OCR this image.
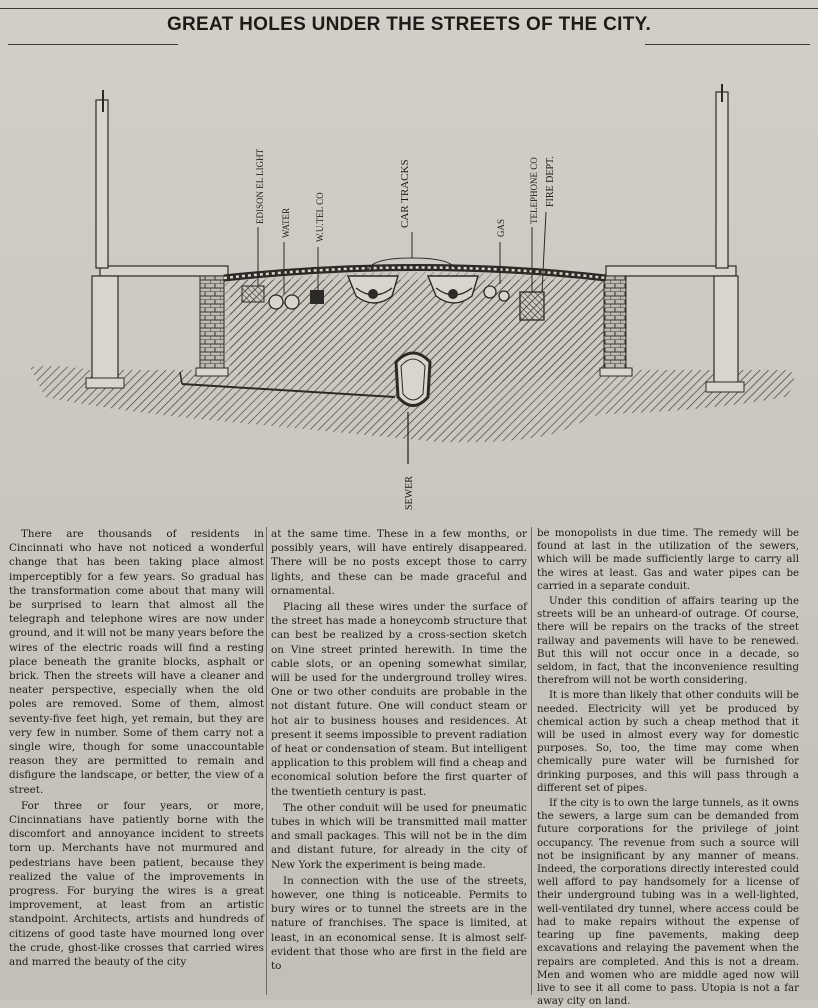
GREAT HOLES UNDER THE STREETS OF THE CITY.
EDISON EL LIGHT WATER	W.U.TEL CO	CAR TRACKS	GAS
TELEPHONE CO FIRE DEPT.
SEWER

There are thousands of residents in Cincinnati who have not noticed a wonderful change that has been taking place almost imperceptibly for a few years. So gradual has the transformation come about that many will be surprised to learn that almost all the telegraph and telephone wires are now under ground, and it will not be many years before the wires of the electric roads will find a resting place beneath the granite blocks, asphalt or brick. Then the streets will have a cleaner and neater perspective, especially when the old poles are removed. Some of them, almost seventy-five feet high, yet remain, but they are very few in number. Some of them carry not a single wire, though for some unaccountable reason they are permitted to remain and disfigure the landscape, or better, the view of a street.

For three or four years, or more, Cincinnatians have patiently borne with the discomfort and annoyance incident to streets torn up. Merchants have not murmured and pedestrians have been patient, because they realized the value of the improvements in progress. For burying the wires is a great improvement, at least from an artistic standpoint. Architects, artists and hundreds of citizens of good taste have mourned long over the crude, ghost-like crosses that carried wires and marred the beauty of the city

at the same time. These in a few months, or possibly years, will have entirely disappeared. There will be no posts except those to carry lights, and these can be made graceful and ornamental.

Placing all these wires under the surface of the street has made a honeycomb structure that can best be realized by a cross-section sketch on Vine street printed herewith. In time the cable slots, or an opening somewhat similar, will be used for the underground trolley wires. One or two other conduits are probable in the not distant future. One will conduct steam or hot air to business houses and residences. At present it seems impossible to prevent radiation of heat or condensation of steam. But intelligent application to this problem will find a cheap and economical solution before the first quarter of the twentieth century is past.

The other conduit will be used for pneumatic tubes in which will be transmitted mail matter and small packages. This will not be in the dim and distant future, for already in the city of New York the experiment is being made.

In connection with the use of the streets, however, one thing is noticeable. Permits to bury wires or to tunnel the streets are in the nature of franchises. The space is limited, at least, in an economical sense. It is almost self-evident that those who are first in the field are to

be monopolists in due time. The remedy will be found at last in the utilization of the sewers, which will be made sufficiently large to carry all the wires at least. Gas and water pipes can be carried in a separate conduit.

Under this condition of affairs tearing up the streets will be an unheard-of outrage. Of course, there will be repairs on the tracks of the street railway and pavements will have to be renewed. But this will not occur once in a decade, so seldom, in fact, that the inconvenience resulting therefrom will not be worth considering.

It is more than likely that other conduits will be needed. Electricity will yet be produced by chemical action by such a cheap method that it will be used in almost every way for domestic purposes. So, too, the time may come when chemically pure water will be furnished for drinking purposes, and this will pass through a different set of pipes.

If the city is to own the large tunnels, as it owns the sewers, a large sum can be demanded from future corporations for the privilege of joint occupancy. The revenue from such a source will not be insignificant by any manner of means. Indeed, the corporations directly interested could well afford to pay handsomely for a license of their underground tubing was in a well-lighted, well-ventilated dry tunnel, where access could be had to make repairs without the expense of tearing up fine pavements, making deep excavations and relaying the pavement when the repairs are completed. And this is not a dream. Men and women who are middle aged now will live to see it all come to pass. Utopia is not a far away city on land.
